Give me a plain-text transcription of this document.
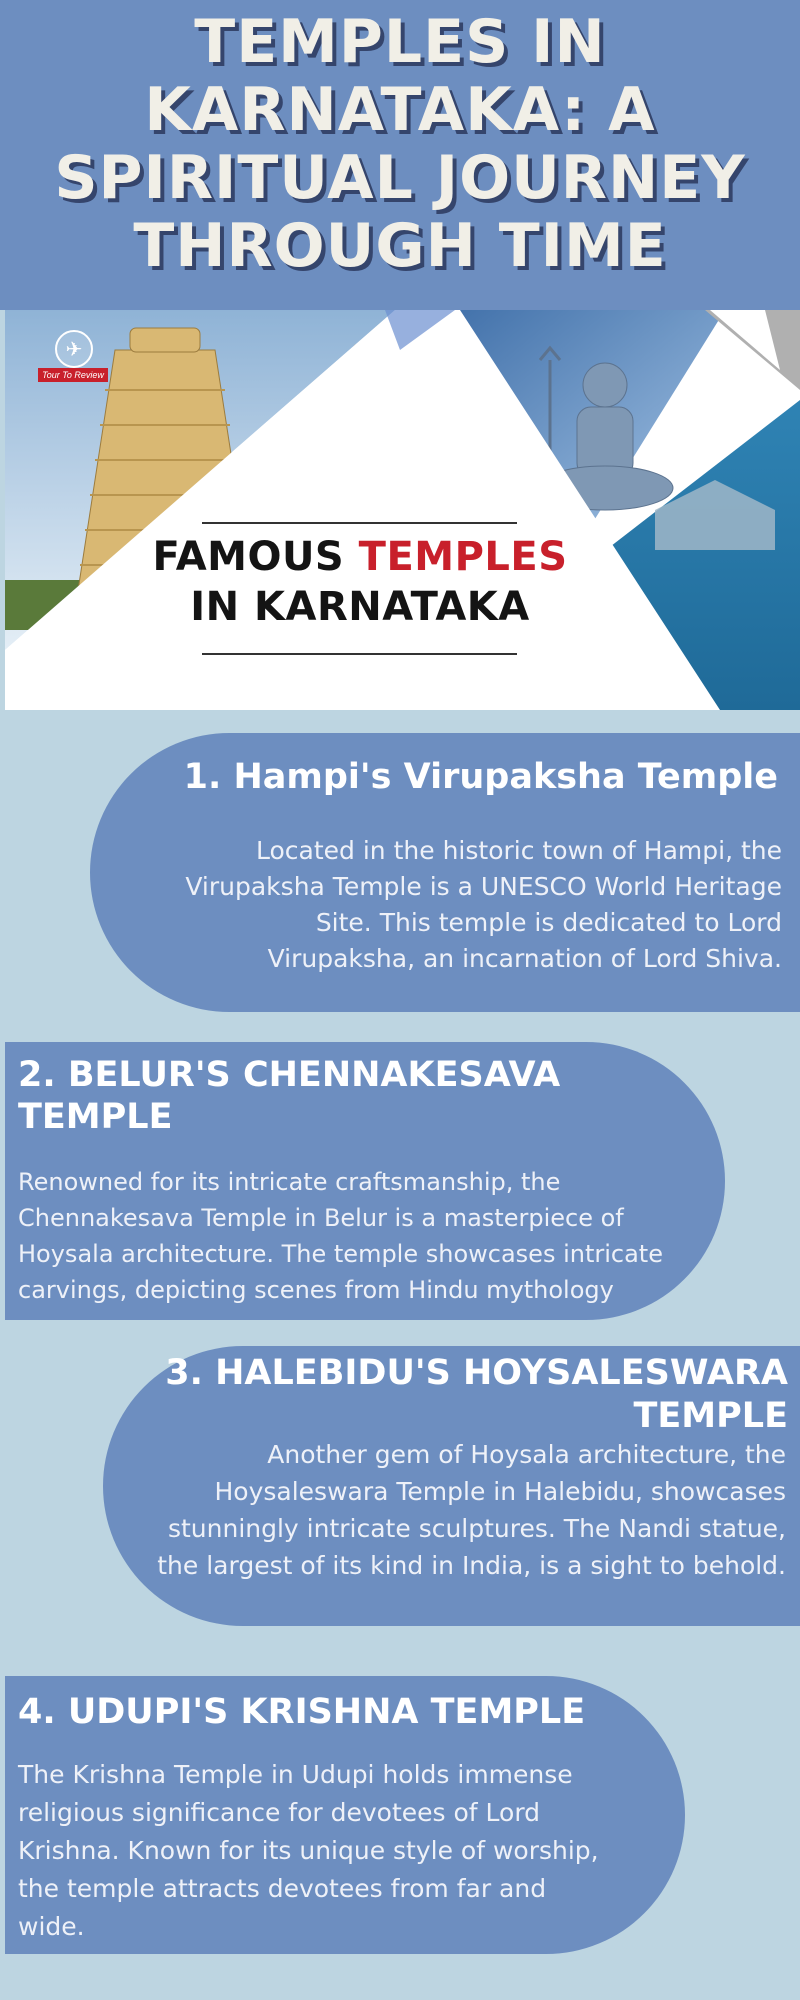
TEMPLES IN KARNATAKA: A SPIRITUAL JOURNEY THROUGH TIME
✈
Tour To Review
FAMOUS TEMPLES
IN KARNATAKA
1. Hampi's Virupaksha Temple

Located in the historic town of Hampi, the Virupaksha Temple is a UNESCO World Heritage Site. This temple is dedicated to Lord Virupaksha, an incarnation of Lord Shiva.

2. BELUR'S CHENNAKESAVA TEMPLE

Renowned for its intricate craftsmanship, the Chennakesava Temple in Belur is a masterpiece of Hoysala architecture. The temple showcases intricate carvings, depicting scenes from Hindu mythology

3. HALEBIDU'S HOYSALESWARA TEMPLE

Another gem of Hoysala architecture, the Hoysaleswara Temple in Halebidu, showcases stunningly intricate sculptures. The Nandi statue, the largest of its kind in India, is a sight to behold.

4. UDUPI'S KRISHNA TEMPLE

The Krishna Temple in Udupi holds immense religious significance for devotees of Lord Krishna. Known for its unique style of worship, the temple attracts devotees from far and wide.
